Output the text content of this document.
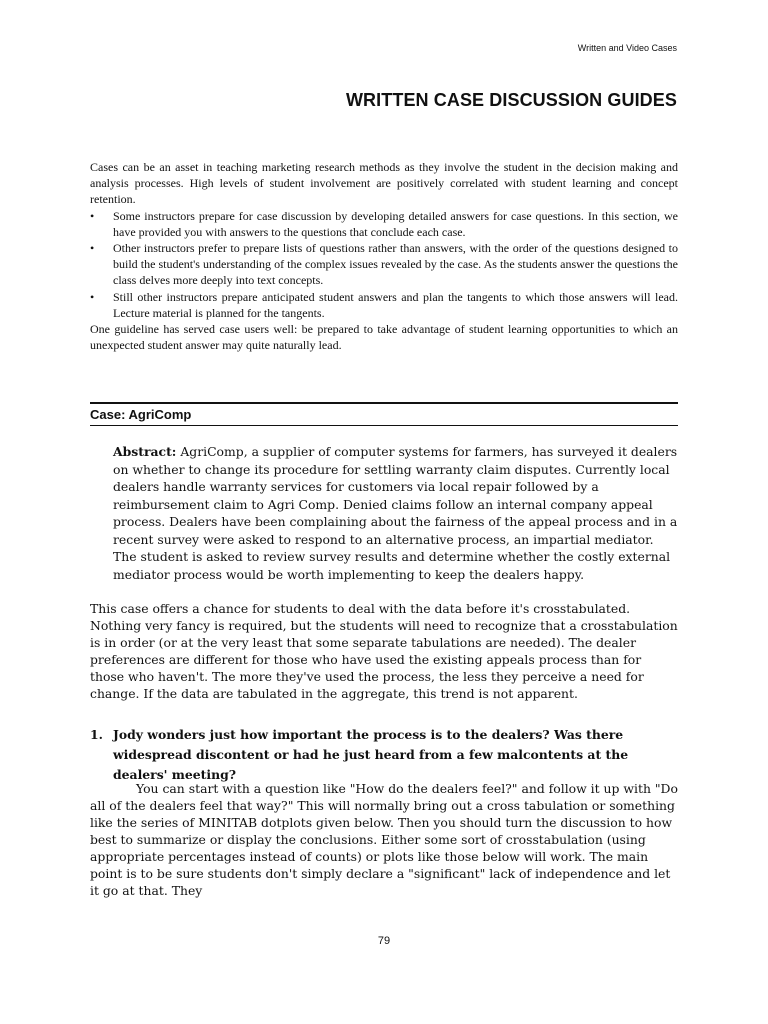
Written and Video Cases
WRITTEN CASE DISCUSSION GUIDES

Cases can be an asset in teaching marketing research methods as they involve the student in the decision making and analysis processes. High levels of student involvement are positively correlated with student learning and concept retention.

• Some instructors prepare for case discussion by developing detailed answers for case questions. In this section, we have provided you with answers to the questions that conclude each case.
• Other instructors prefer to prepare lists of questions rather than answers, with the order of the questions designed to build the student's understanding of the complex issues revealed by the case. As the students answer the questions the class delves more deeply into text concepts.
• Still other instructors prepare anticipated student answers and plan the tangents to which those answers will lead. Lecture material is planned for the tangents.

One guideline has served case users well: be prepared to take advantage of student learning opportunities to which an unexpected student answer may quite naturally lead.

Case: AgriComp

Abstract: AgriComp, a supplier of computer systems for farmers, has surveyed it dealers on whether to change its procedure for settling warranty claim disputes. Currently local dealers handle warranty services for customers via local repair followed by a reimbursement claim to Agri Comp. Denied claims follow an internal company appeal process. Dealers have been complaining about the fairness of the appeal process and in a recent survey were asked to respond to an alternative process, an impartial mediator. The student is asked to review survey results and determine whether the costly external mediator process would be worth implementing to keep the dealers happy.

This case offers a chance for students to deal with the data before it's crosstabulated. Nothing very fancy is required, but the students will need to recognize that a crosstabulation is in order (or at the very least that some separate tabulations are needed). The dealer preferences are different for those who have used the existing appeals process than for those who haven't. The more they've used the process, the less they perceive a need for change. If the data are tabulated in the aggregate, this trend is not apparent.

1. Jody wonders just how important the process is to the dealers? Was there widespread discontent or had he just heard from a few malcontents at the dealers' meeting?

You can start with a question like "How do the dealers feel?" and follow it up with "Do all of the dealers feel that way?" This will normally bring out a cross tabulation or something like the series of MINITAB dotplots given below. Then you should turn the discussion to how best to summarize or display the conclusions. Either some sort of crosstabulation (using appropriate percentages instead of counts) or plots like those below will work. The main point is to be sure students don't simply declare a "significant" lack of independence and let it go at that. They

79
